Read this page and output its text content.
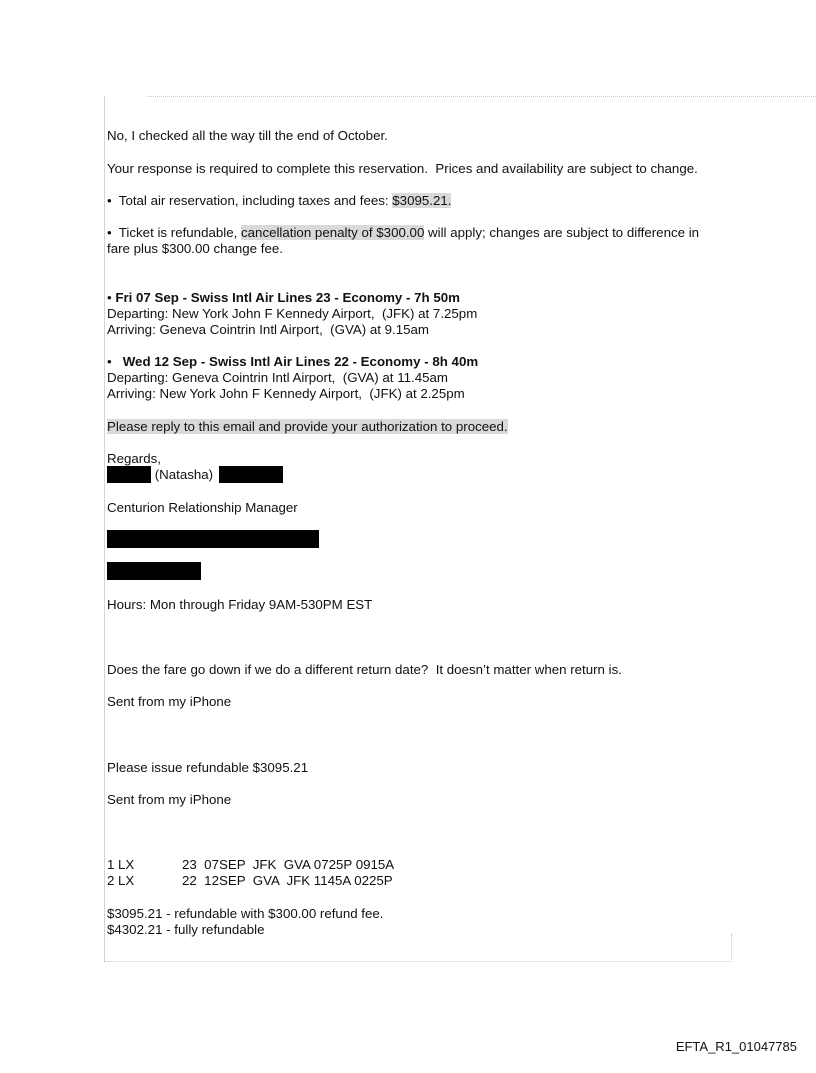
No, I checked all the way till the end of October.
Your response is required to complete this reservation.  Prices and availability are subject to change.
•  Total air reservation, including taxes and fees: $3095.21.
•  Ticket is refundable, cancellation penalty of $300.00 will apply; changes are subject to difference in
fare plus $300.00 change fee.
• Fri 07 Sep - Swiss Intl Air Lines 23 - Economy - 7h 50m
Departing: New York John F Kennedy Airport,  (JFK) at 7.25pm
Arriving: Geneva Cointrin Intl Airport,  (GVA) at 9.15am
•   Wed 12 Sep - Swiss Intl Air Lines 22 - Economy - 8h 40m
Departing: Geneva Cointrin Intl Airport,  (GVA) at 11.45am
Arriving: New York John F Kennedy Airport,  (JFK) at 2.25pm
Please reply to this email and provide your authorization to proceed.
Regards,
(Natasha)
Centurion Relationship Manager
Hours: Mon through Friday 9AM-530PM EST
Does the fare go down if we do a different return date?  It doesn’t matter when return is.
Sent from my iPhone
Please issue refundable $3095.21
Sent from my iPhone
1 LX	23  07SEP  JFK  GVA 0725P 0915A
2 LX	22  12SEP  GVA  JFK 1145A 0225P
$3095.21 - refundable with $300.00 refund fee.
$4302.21 - fully refundable
EFTA_R1_01047785
